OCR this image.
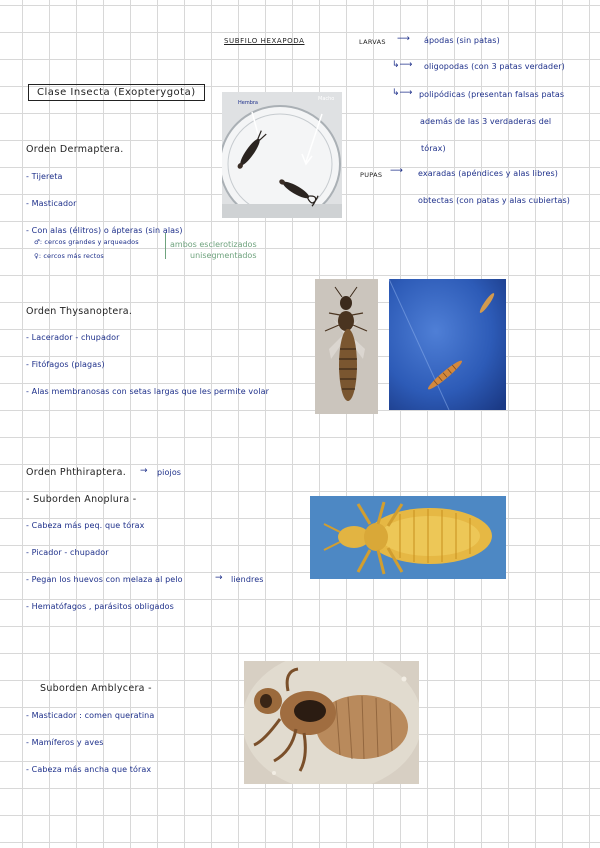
SUBFILO HEXAPODA	LARVAS ⟶ ápodas (sin patas)
↳⟶ oligopodas (con 3 patas verdader)
↳⟶ polipódicas (presentan falsas patas
además de las 3 verdaderas del
tórax)
PUPAS ⟶ exaradas (apéndices y alas libres)
obtectas (con patas y alas cubiertas)
Clase Insecta (Exopterygota)
Hembra
Macho
Orden Dermaptera.
- Tijereta
- Masticador
- Con alas (élitros) o ápteras (sin alas)
♂: cercos grandes y arqueados
♀: cercos más rectos
ambos esclerotizados
unisegmentados
Orden Thysanoptera.
- Lacerador - chupador
- Fitófagos (plagas)
- Alas membranosas con setas largas que les permite volar
Orden Phthiraptera. → piojos
- Suborden Anoplura -
- Cabeza más peq. que tórax
- Picador - chupador
- Pegan los huevos con melaza al pelo	→ liendres
- Hematófagos , parásitos obligados
Suborden Amblycera -
- Masticador : comen queratina
- Mamíferos y aves
- Cabeza más ancha que tórax
